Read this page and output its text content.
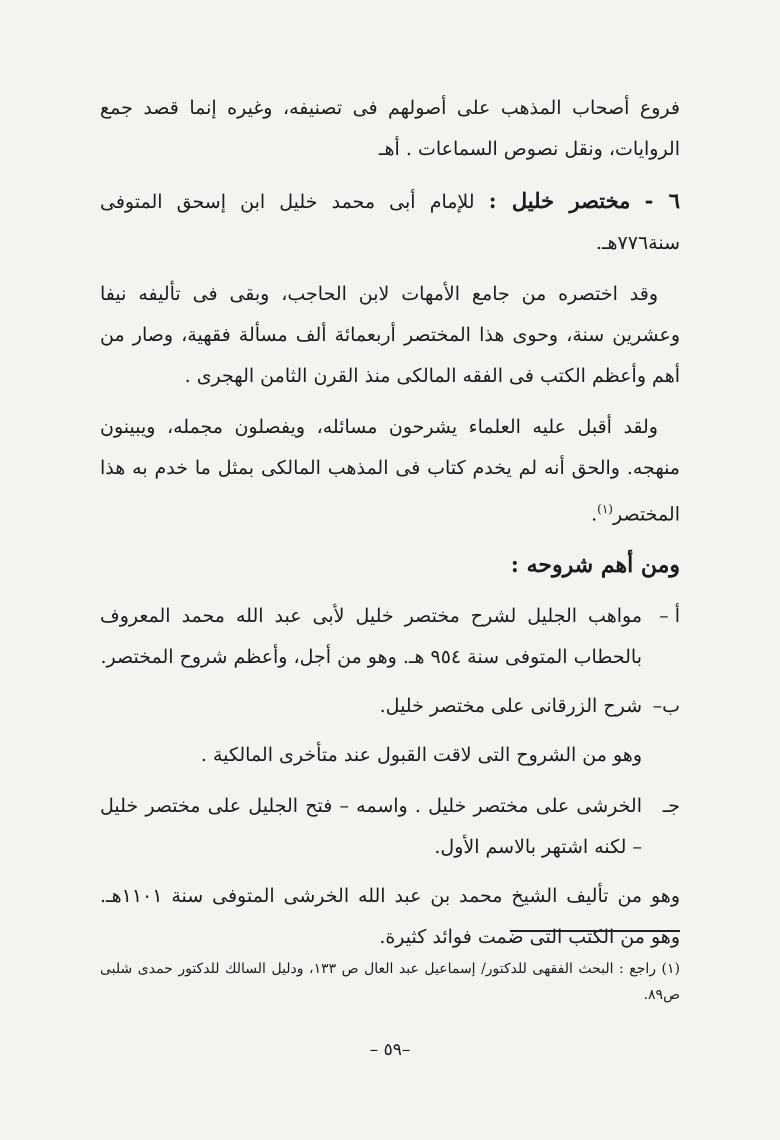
فروع أصحاب المذهب على أصولهم فى تصنيفه، وغيره إنما قصد جمع الروايات، ونقل نصوص السماعات . أهـ

٦ - مختصر خليل : للإمام أبى محمد خليل ابن إسحق المتوفى سنة٧٧٦هـ.

وقد اختصره من جامع الأمهات لابن الحاجب، وبقى فى تأليفه نيفا وعشرين سنة، وحوى هذا المختصر أربعمائة ألف مسألة فقهية، وصار من أهم وأعظم الكتب فى الفقه المالكى منذ القرن الثامن الهجرى .

ولقد أقبل عليه العلماء يشرحون مسائله، ويفصلون مجمله، ويبينون منهجه. والحق أنه لم يخدم كتاب فى المذهب المالكى بمثل ما خدم به هذا المختصر$^{(١)}$.

ومن أهم شروحه :
أ –
مواهب الجليل لشرح مختصر خليل لأبى عبد الله محمد المعروف بالحطاب المتوفى سنة ٩٥٤ هـ. وهو من أجل، وأعظم شروح المختصر.
ب–
شرح الزرقانى على مختصر خليل.

وهو من الشروح التى لاقت القبول عند متأخرى المالكية .

جـ
الخرشى على مختصر خليل . واسمه – فتح الجليل على مختصر خليل – لكنه اشتهر بالاسم الأول.

وهو من تأليف الشيخ محمد بن عبد الله الخرشى المتوفى سنة ١١٠١هـ. وهو من الكتب التى ضمت فوائد كثيرة.

(١) راجع : البحث الفقهى للدكتور/ إسماعيل عبد العال ص ١٣٣، ودليل السالك للدكتور حمدى شلبى ص٨٩.

–٥٩ –
